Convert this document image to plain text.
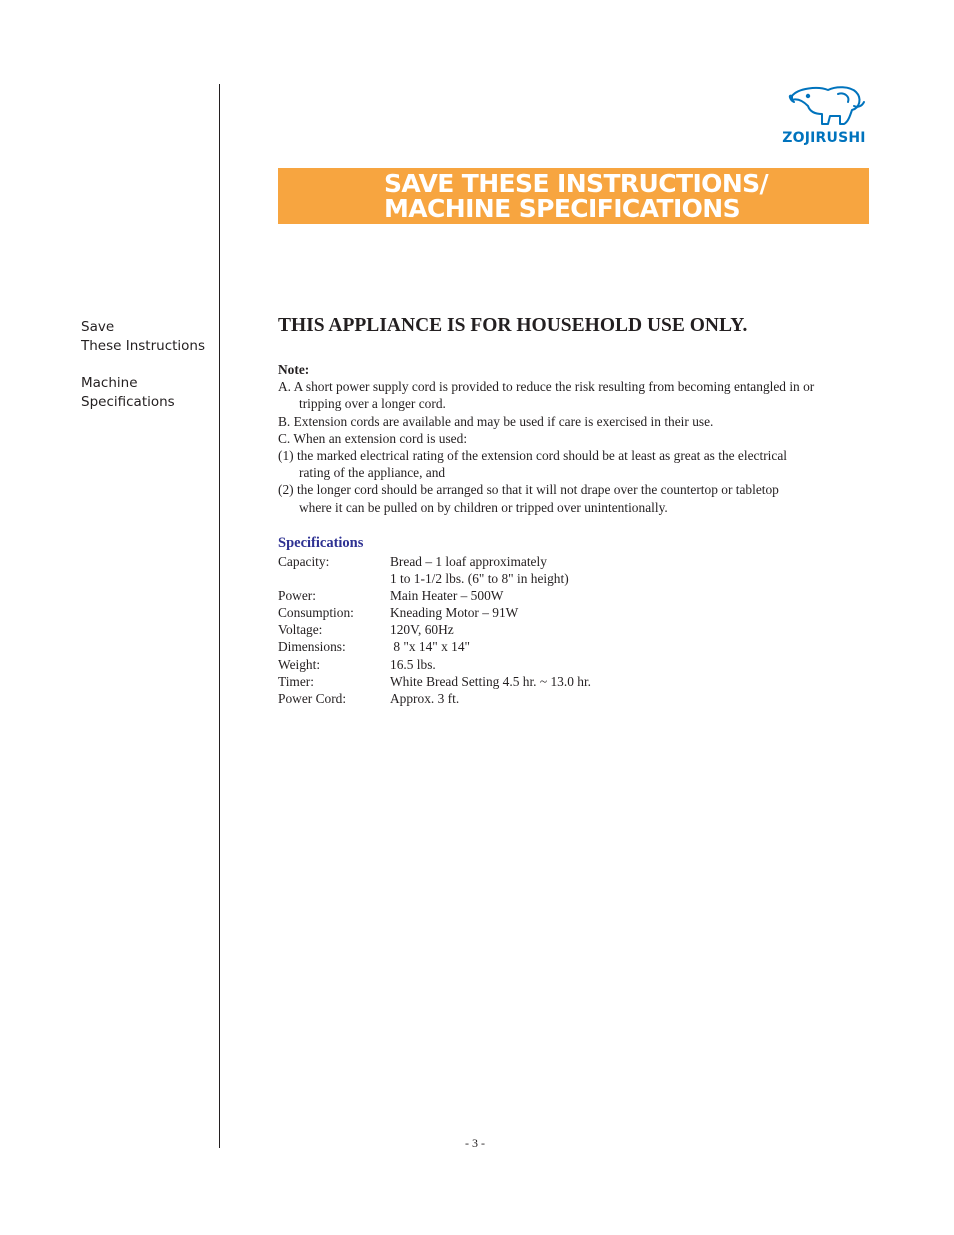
Save
These Instructions
Machine
Specifications
ZOJIRUSHI
SAVE THESE INSTRUCTIONS/
MACHINE SPECIFICATIONS
THIS APPLIANCE IS FOR HOUSEHOLD USE ONLY.
Note:
A. A short power supply cord is provided to reduce the risk resulting from becoming entangled in or
tripping over a longer cord.
B. Extension cords are available and may be used if care is exercised in their use.
C. When an extension cord is used:
(1) the marked electrical rating of the extension cord should be at least as great as the electrical
rating of the appliance, and
(2) the longer cord should be arranged so that it will not drape over the countertop or tabletop
where it can be pulled on by children or tripped over unintentionally.
Specifications
Capacity:	Bread – 1 loaf approximately
1 to 1-1/2 lbs. (6" to 8" in height)
Power:	Main Heater – 500W
Consumption:	Kneading Motor – 91W
Voltage:	120V, 60Hz
Dimensions:	8 "x 14" x 14"
Weight:	16.5 lbs.
Timer:	White Bread Setting 4.5 hr. ~ 13.0 hr.
Power Cord:	Approx. 3 ft.
- 3 -
